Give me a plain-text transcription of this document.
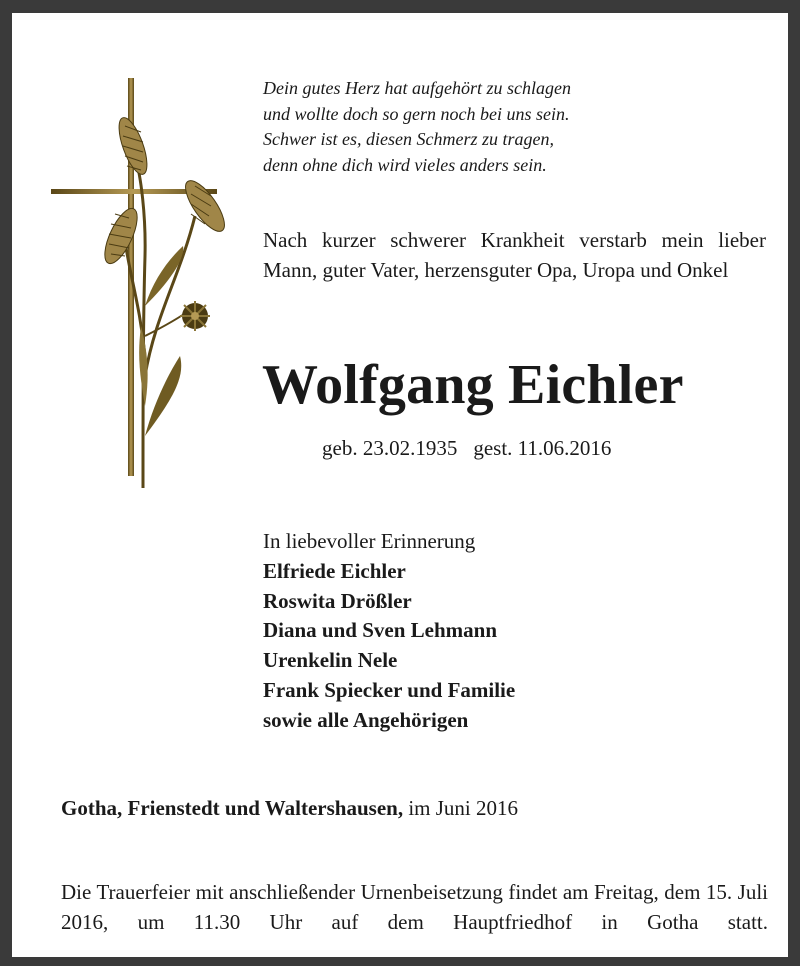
Dein gutes Herz hat aufgehört zu schlagen
und wollte doch so gern noch bei uns sein.
Schwer ist es, diesen Schmerz zu tragen,
denn ohne dich wird vieles anders sein.
Nach kurzer schwerer Krankheit verstarb mein lieber Mann, guter Vater, herzensguter Opa, Uropa und Onkel
Wolfgang Eichler
geb. 23.02.1935 gest. 11.06.2016
In liebevoller Erinnerung
Elfriede Eichler
Roswita Drößler
Diana und Sven Lehmann
Urenkelin Nele
Frank Spiecker und Familie
sowie alle Angehörigen
Gotha, Frienstedt und Waltershausen, im Juni 2016
Die Trauerfeier mit anschließender Urnenbeisetzung findet am Freitag, dem 15. Juli 2016, um 11.30 Uhr auf dem Hauptfriedhof in Gotha statt.
